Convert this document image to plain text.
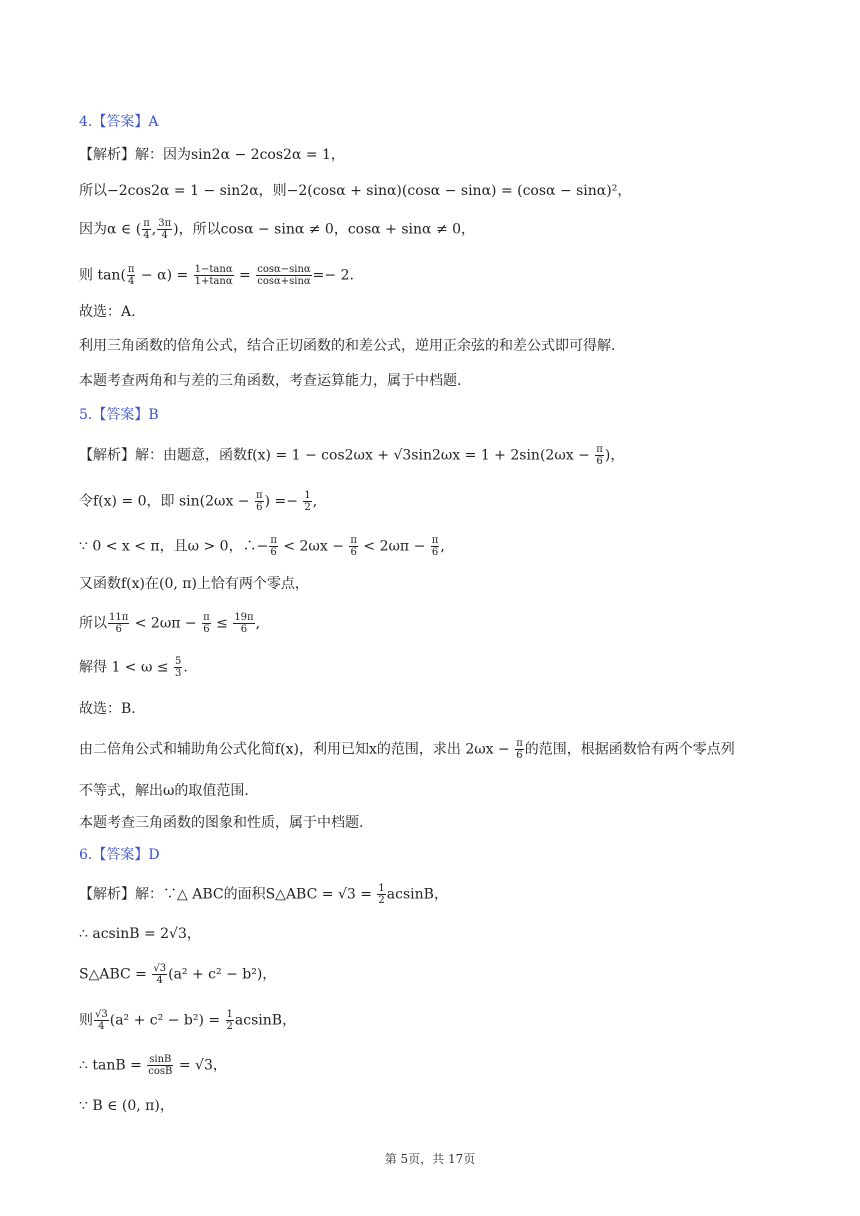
4.【答案】A
【解析】解：因为sin2α − 2cos2α = 1，
所以−2cos2α = 1 − sin2α，则−2(cosα + sinα)(cosα − sinα) = (cosα − sinα)²，
因为α ∈ ( $\frac{\pi}{4}$ , $\frac{3\pi}{4}$ )，所以cosα − sinα ≠ 0，cosα + sinα ≠ 0，
则 $\tan( \frac{\pi}{4} - \alpha) = \frac{1-\tan\alpha}{1+\tan\alpha} = \frac{\cos\alpha-\sin\alpha}{\cos\alpha+\sin\alpha} =- 2$.
故选：A.
利用三角函数的倍角公式，结合正切函数的和差公式，逆用正余弦的和差公式即可得解.
本题考查两角和与差的三角函数，考查运算能力，属于中档题.
5.【答案】B
【解析】解：由题意，函数$f(x) = 1 - \cos 2\omega x + √3\sin 2\omega x = 1 + 2\sin(2\omega x - \frac{\pi}{6}$ )，
令f(x) = 0，即 $\sin(2\omega x - \frac{\pi}{6}$ ) =− $\frac{1}{2}$ ,
∵ 0 < x < π，且ω > 0，∴− $\frac{\pi}{6} < 2\omega x - \frac{\pi}{6} < 2\omega\pi - \frac{\pi}{6}$ ,
又函数f(x)在(0, π)上恰有两个零点，
所以 $\frac{11\pi}{6} < 2\omega\pi - \frac{\pi}{6} \le \frac{19\pi}{6}$ ,
解得 $1 < \omega \le \frac{5}{3}$ .
故选：B.
由二倍角公式和辅助角公式化简f(x)，利用已知x的范围，求出 $2\omega x - \frac{\pi}{6}$ 的范围，根据函数恰有两个零点列
不等式，解出ω的取值范围.
本题考查三角函数的图象和性质，属于中档题.
6.【答案】D
【解析】解：∵△ ABC的面积S△ABC = $√3 = \frac{1}{2}$ acsinB，
∴ acsinB = 2√3，
S△ABC = $\frac{√3}{4} (a^2 + c^2 - b^2)$，
则 $\frac{√3}{4} (a^2 + c^2 - b^2) = \frac{1}{2}$ acsinB，
∴ $\tan B = \frac{\sin B}{\cos B} = √3$，
∵ B ∈ (0, π)，
第 5页，共 17页
